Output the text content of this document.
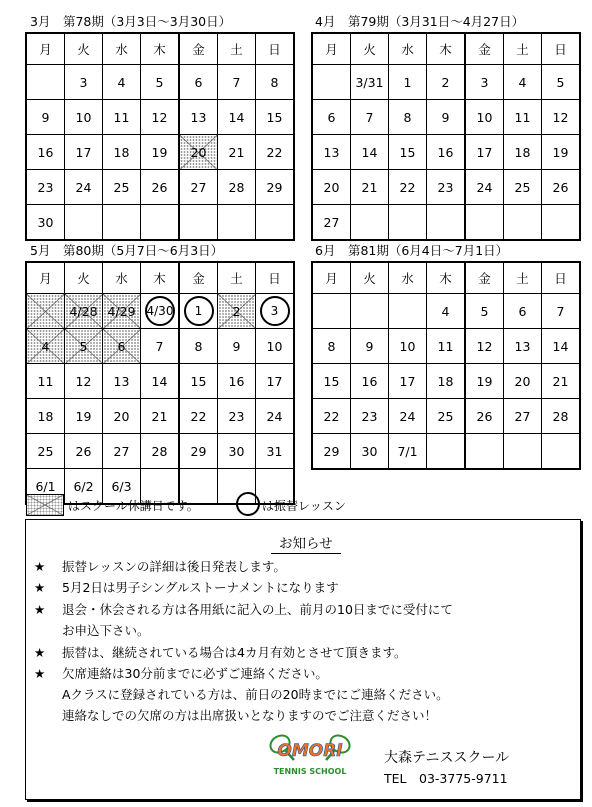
3月　第78期（3月3日～3月30日）	4月　第79期（3月31日～4月27日）
5月　第80期（5月7日～6月3日）	6月　第81期（6月4日～7月1日）
月	火	水	木	金	土	日
	3	4	5	6	7	8
9	10	11	12	13	14	15
16	17	18	19	20	21	22
23	24	25	26	27	28	29
30						
月	火	水	木	金	土	日
	3/31	1	2	3	4	5
6	7	8	9	10	11	12
13	14	15	16	17	18	19
20	21	22	23	24	25	26
27						
月	火	水	木	金	土	日
	4/28	4/29	4/30	1	2	3
4	5	6	7	8	9	10
11	12	13	14	15	16	17
18	19	20	21	22	23	24
25	26	27	28	29	30	31
6/1	6/2	6/3				
月	火	水	木	金	土	日
			4	5	6	7
8	9	10	11	12	13	14
15	16	17	18	19	20	21
22	23	24	25	26	27	28
29	30	7/1				
はスクール休講日です。	は振替レッスン
お知らせ
★ 振替レッスンの詳細は後日発表します。
★ 5月2日は男子シングルストーナメントになります
★ 退会・休会される方は各用紙に記入の上、前月の10日までに受付にて
お申込下さい。
★ 振替は、継続されている場合は4カ月有効とさせて頂きます。
★ 欠席連絡は30分前までに必ずご連絡ください。
Aクラスに登録されている方は、前日の20時までにご連絡ください。
連絡なしでの欠席の方は出席扱いとなりますのでご注意ください！
OMORI
TENNIS SCHOOL
大森テニススクール
TEL　03-3775-9711
